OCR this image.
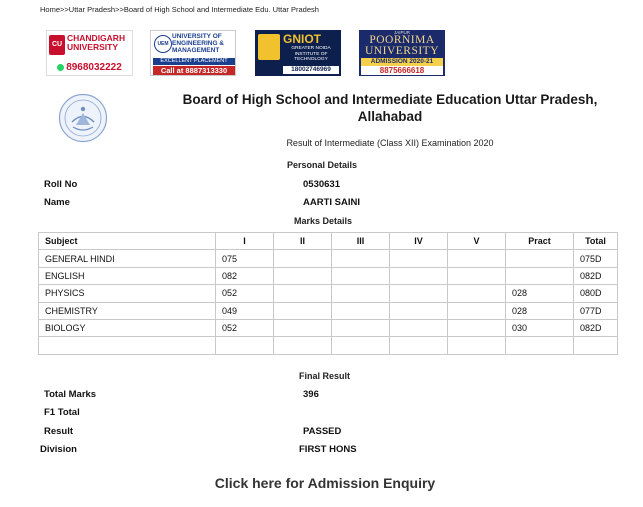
Home>>Uttar Pradesh>>Board of High School and Intermediate Edu. Uttar Pradesh
CU
CHANDIGARH
UNIVERSITY
8968032222
UEM
UNIVERSITY OF
ENGINEERING &
MANAGEMENT
EXCELLENT PLACEMENT
Call at 8887313330
GNIOT
GREATER NOIDA
INSTITUTE OF
TECHNOLOGY
18002746969
JAIPUR
POORNIMA
UNIVERSITY
ADMISSION 2020-21
8875666618
Board of High School and Intermediate Education Uttar Pradesh,
Allahabad
Result of Intermediate (Class XII) Examination 2020
Personal Details
Roll No	0530631
Name	AARTI SAINI
Marks Details
Subject	I	II	III	IV	V	Pract	Total
GENERAL HINDI	075						075D
ENGLISH	082						082D
PHYSICS	052					028	080D
CHEMISTRY	049					028	077D
BIOLOGY	052					030	082D

Final Result
Total Marks	396
F1 Total
Result	PASSED
Division	FIRST HONS
Click here for Admission Enquiry
